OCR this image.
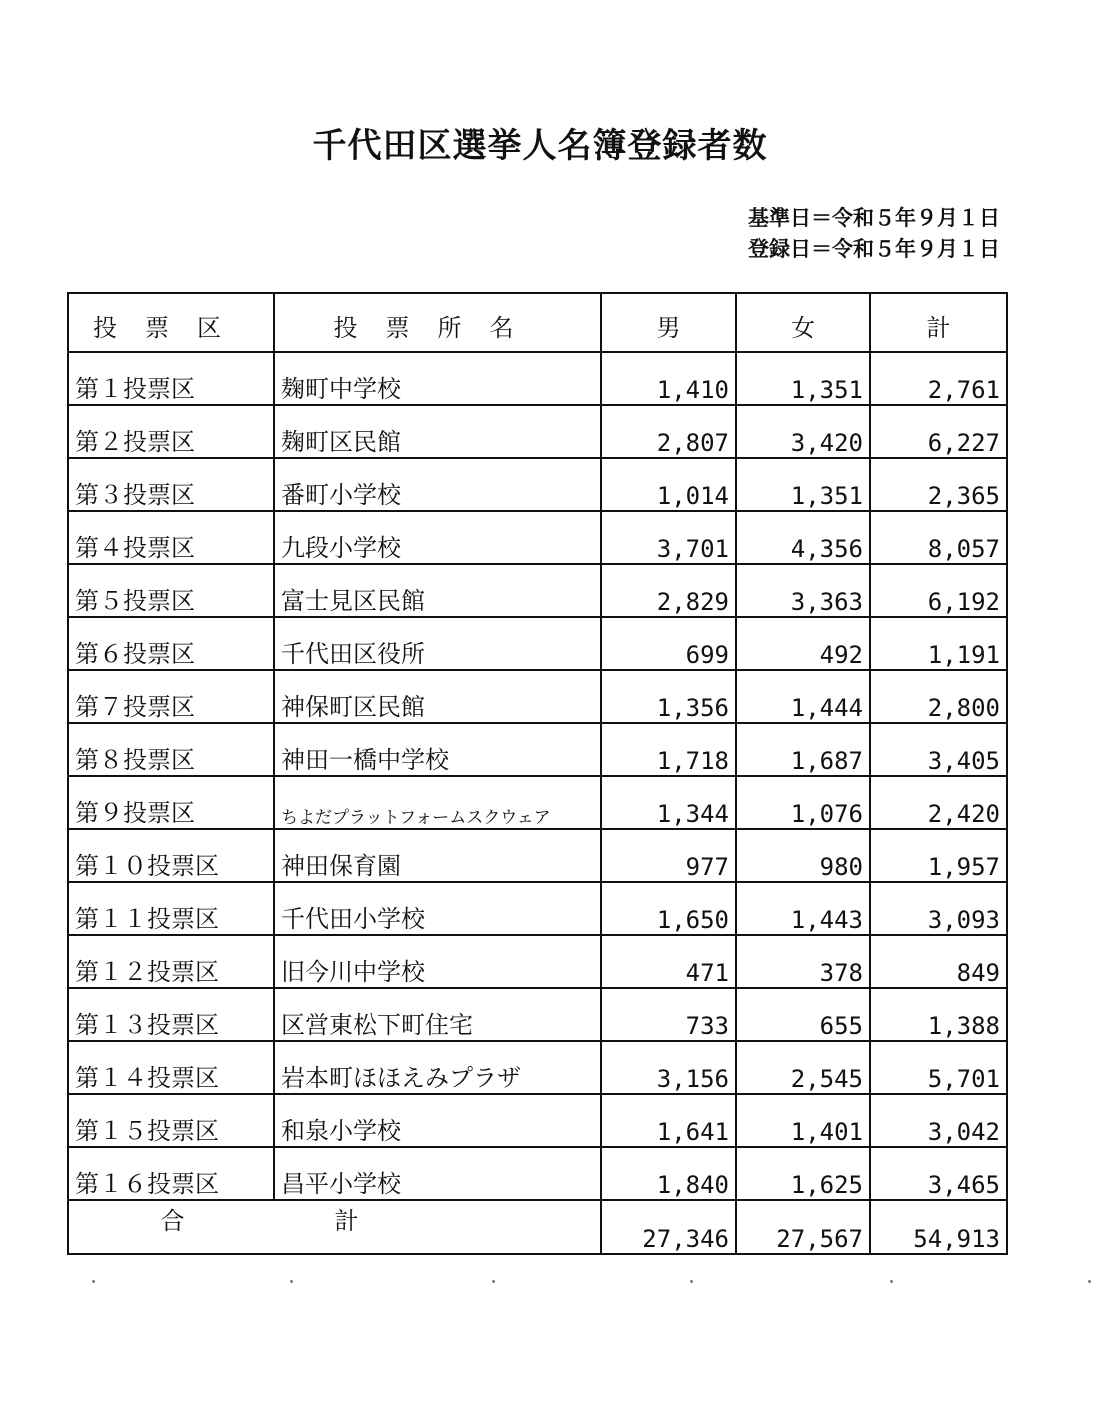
千代田区選挙人名簿登録者数
基準日＝令和５年９月１日
登録日＝令和５年９月１日
投票区	投票所名	男	女	計
第１投票区	麹町中学校	1,410	1,351	2,761
第２投票区	麹町区民館	2,807	3,420	6,227
第３投票区	番町小学校	1,014	1,351	2,365
第４投票区	九段小学校	3,701	4,356	8,057
第５投票区	富士見区民館	2,829	3,363	6,192
第６投票区	千代田区役所	699	492	1,191
第７投票区	神保町区民館	1,356	1,444	2,800
第８投票区	神田一橋中学校	1,718	1,687	3,405
第９投票区	ちよだプラットフォームスクウェア	1,344	1,076	2,420
第１０投票区	神田保育園	977	980	1,957
第１１投票区	千代田小学校	1,650	1,443	3,093
第１２投票区	旧今川中学校	471	378	849
第１３投票区	区営東松下町住宅	733	655	1,388
第１４投票区	岩本町ほほえみプラザ	3,156	2,545	5,701
第１５投票区	和泉小学校	1,641	1,401	3,042
第１６投票区	昌平小学校	1,840	1,625	3,465
合計		27,346	27,567	54,913
